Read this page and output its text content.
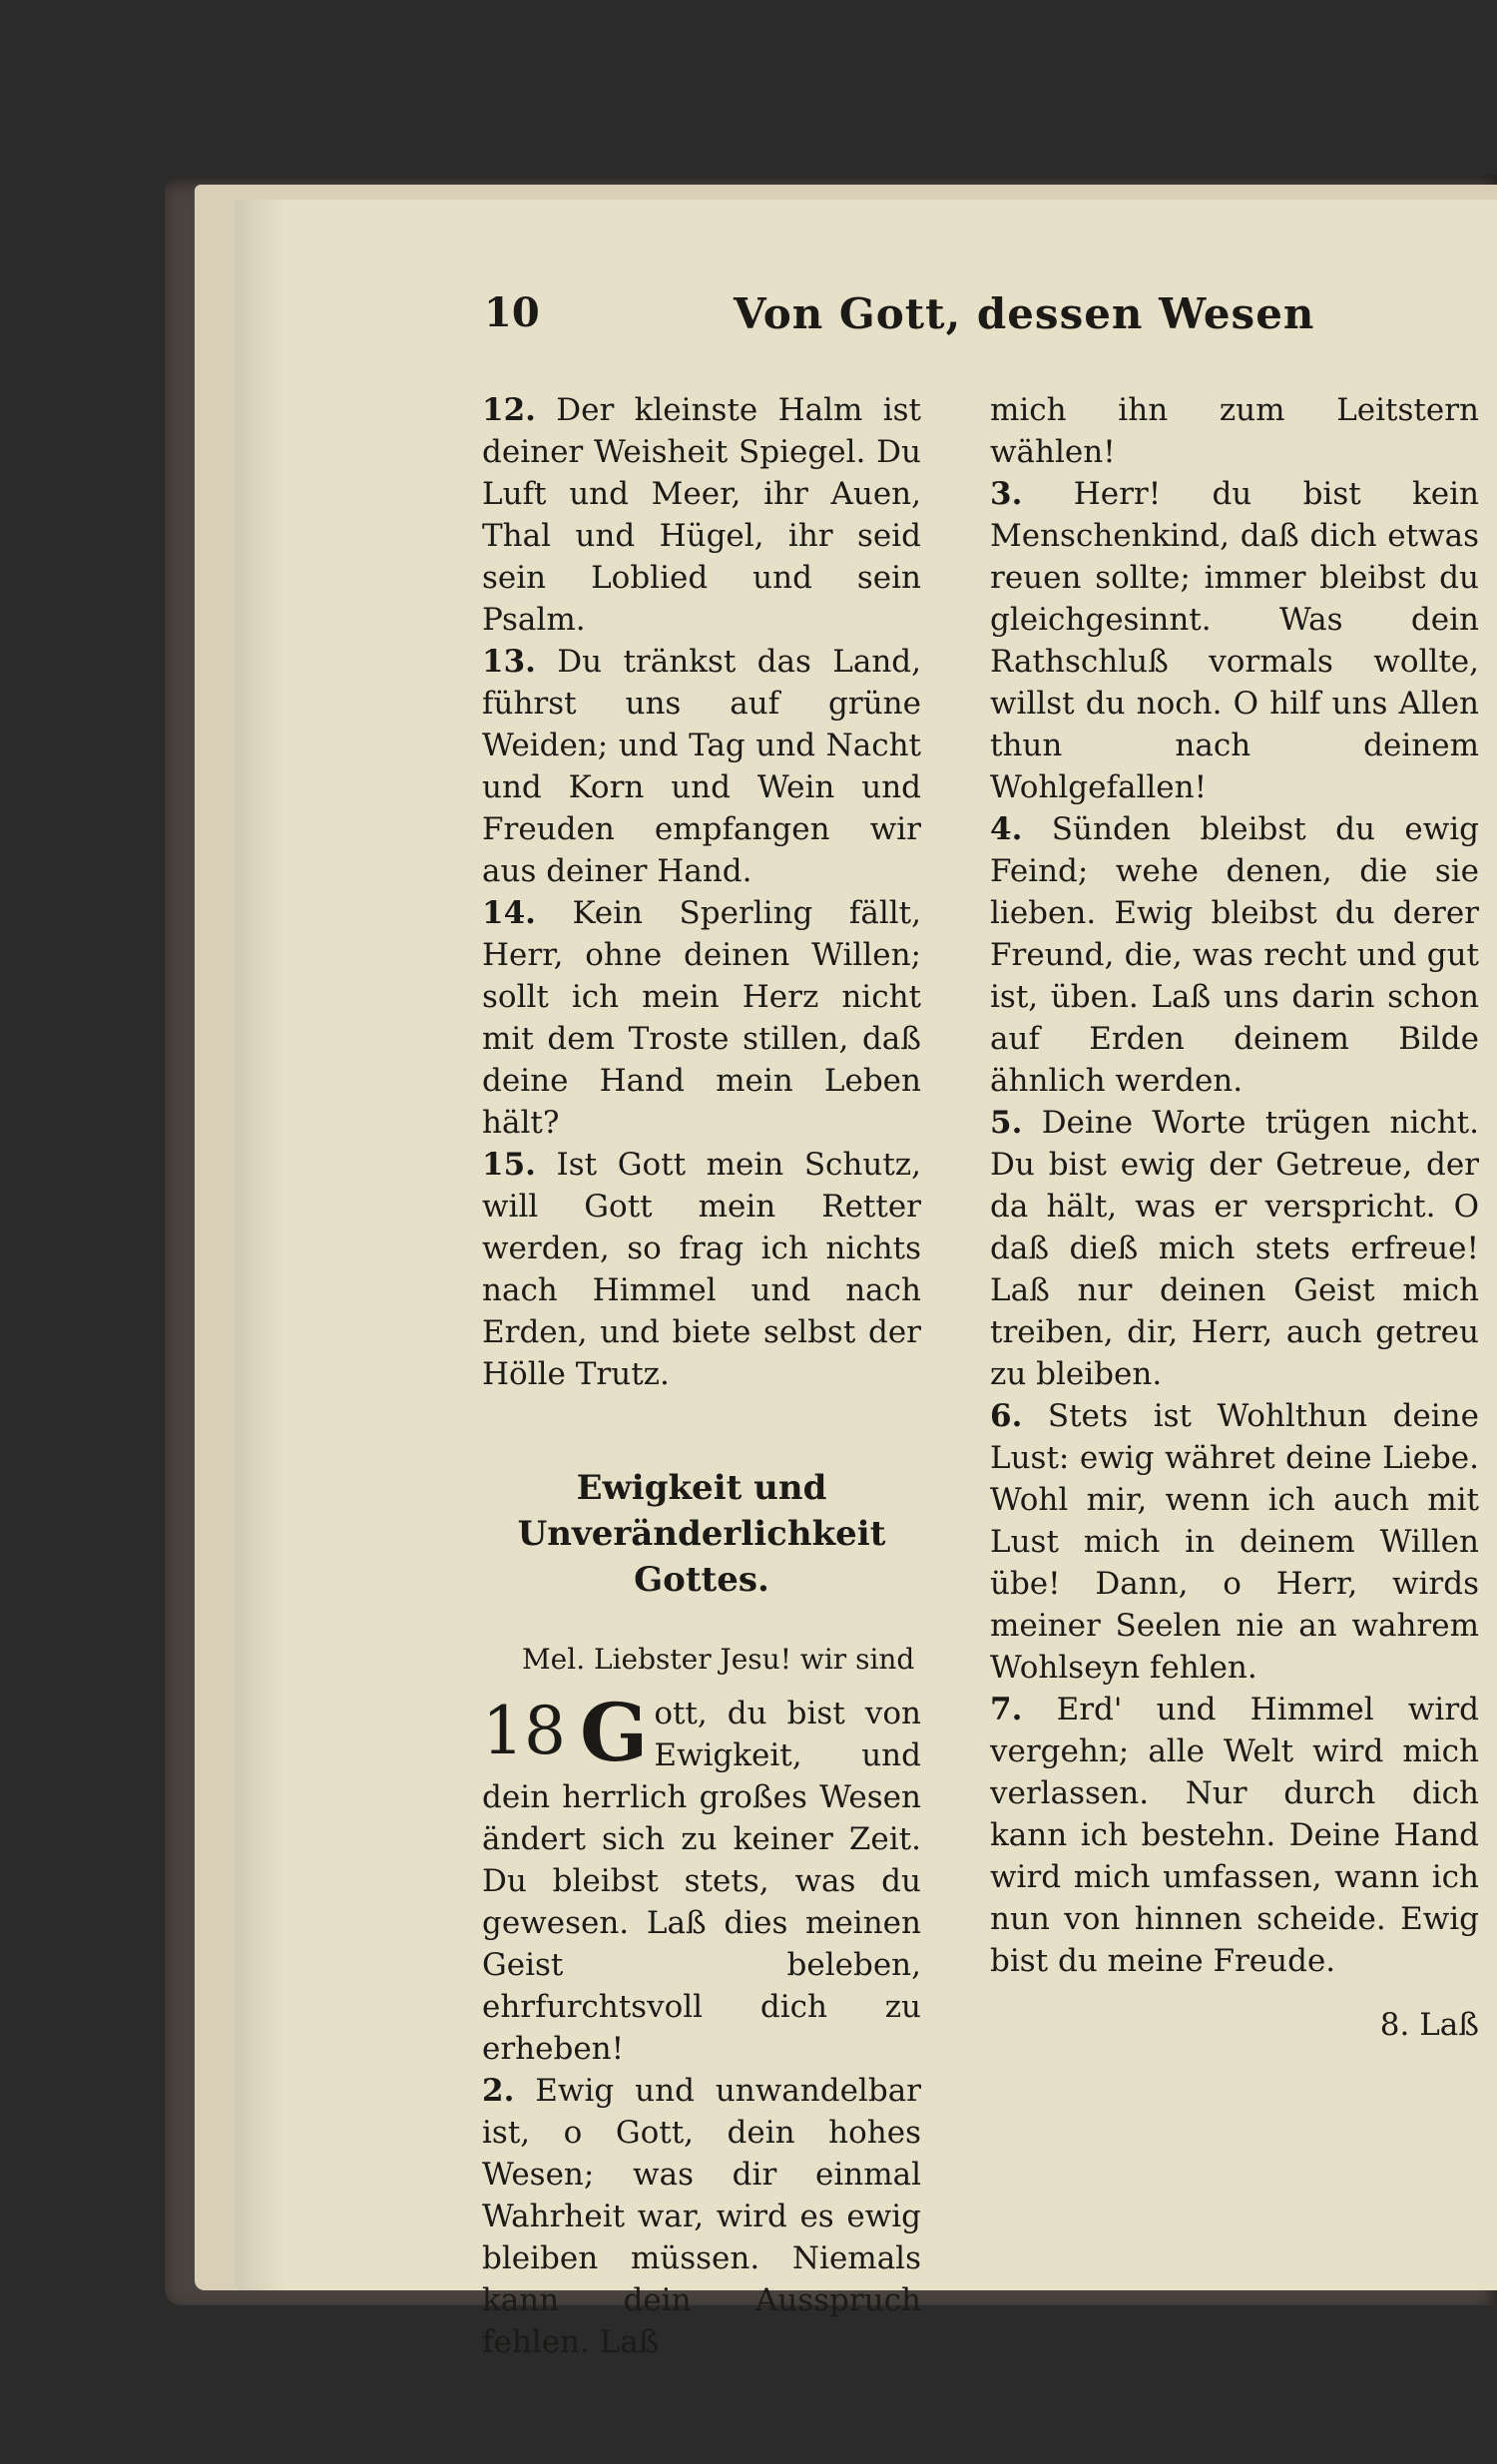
10	Von Gott, dessen Wesen

12. Der kleinste Halm ist deiner Weisheit Spiegel. Du Luft und Meer, ihr Auen, Thal und Hügel, ihr seid sein Loblied und sein Psalm.

13. Du tränkst das Land, führst uns auf grüne Weiden; und Tag und Nacht und Korn und Wein und Freuden empfangen wir aus deiner Hand.

14. Kein Sperling fällt, Herr, ohne deinen Willen; sollt ich mein Herz nicht mit dem Troste stillen, daß deine Hand mein Leben hält?

15. Ist Gott mein Schutz, will Gott mein Retter werden, so frag ich nichts nach Himmel und nach Erden, und biete selbst der Hölle Trutz.

Ewigkeit und Unveränderlichkeit Gottes.
Mel. Liebster Jesu! wir sind

18 G ott, du bist von Ewigkeit, und dein herrlich großes Wesen ändert sich zu keiner Zeit. Du bleibst stets, was du gewesen. Laß dies meinen Geist beleben, ehrfurchtsvoll dich zu erheben!

2. Ewig und unwandelbar ist, o Gott, dein hohes Wesen; was dir einmal Wahrheit war, wird es ewig bleiben müssen. Niemals kann dein Ausspruch fehlen. Laß

mich ihn zum Leitstern wählen!

3. Herr! du bist kein Menschenkind, daß dich etwas reuen sollte; immer bleibst du gleichgesinnt. Was dein Rathschluß vormals wollte, willst du noch. O hilf uns Allen thun nach deinem Wohlgefallen!

4. Sünden bleibst du ewig Feind; wehe denen, die sie lieben. Ewig bleibst du derer Freund, die, was recht und gut ist, üben. Laß uns darin schon auf Erden deinem Bilde ähnlich werden.

5. Deine Worte trügen nicht. Du bist ewig der Getreue, der da hält, was er verspricht. O daß dieß mich stets erfreue! Laß nur deinen Geist mich treiben, dir, Herr, auch getreu zu bleiben.

6. Stets ist Wohlthun deine Lust: ewig währet deine Liebe. Wohl mir, wenn ich auch mit Lust mich in deinem Willen übe! Dann, o Herr, wirds meiner Seelen nie an wahrem Wohlseyn fehlen.

7. Erd' und Himmel wird vergehn; alle Welt wird mich verlassen. Nur durch dich kann ich bestehn. Deine Hand wird mich umfassen, wann ich nun von hinnen scheide. Ewig bist du meine Freude.

8. Laß
